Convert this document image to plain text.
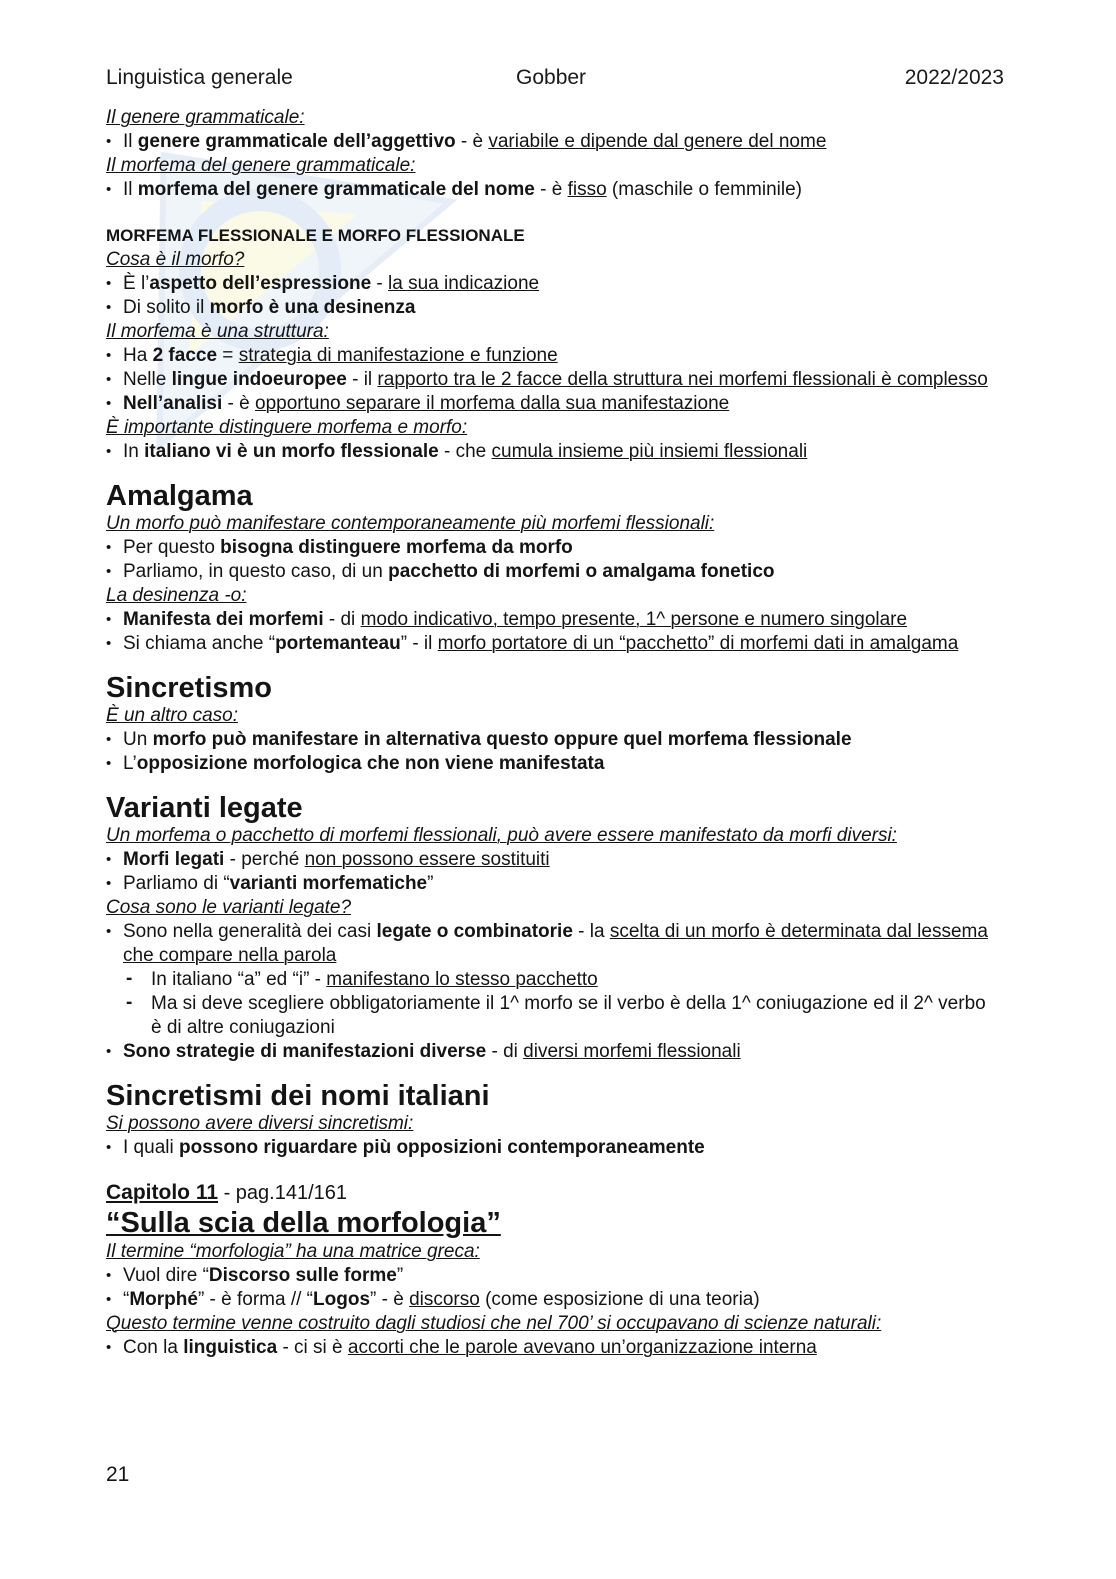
Linguistica generale	Gobber	2022/2023
Il genere grammaticale:
• Il genere grammaticale dell’aggettivo - è variabile e dipende dal genere del nome
Il morfema del genere grammaticale:
• Il morfema del genere grammaticale del nome - è fisso (maschile o femminile)
MORFEMA FLESSIONALE E MORFO FLESSIONALE
Cosa è il morfo?
• È l’aspetto dell’espressione - la sua indicazione
• Di solito il morfo è una desinenza
Il morfema è una struttura:
• Ha 2 facce = strategia di manifestazione e funzione
• Nelle lingue indoeuropee - il rapporto tra le 2 facce della struttura nei morfemi flessionali è complesso
• Nell’analisi - è opportuno separare il morfema dalla sua manifestazione
È importante distinguere morfema e morfo:
• In italiano vi è un morfo flessionale - che cumula insieme più insiemi flessionali
Amalgama
Un morfo può manifestare contemporaneamente più morfemi flessionali:
• Per questo bisogna distinguere morfema da morfo
• Parliamo, in questo caso, di un pacchetto di morfemi o amalgama fonetico
La desinenza -o:
• Manifesta dei morfemi - di modo indicativo, tempo presente, 1^ persone e numero singolare
• Si chiama anche “portemanteau” - il morfo portatore di un “pacchetto” di morfemi dati in amalgama
Sincretismo
È un altro caso:
• Un morfo può manifestare in alternativa questo oppure quel morfema flessionale
• L’opposizione morfologica che non viene manifestata
Varianti legate
Un morfema o pacchetto di morfemi flessionali, può avere essere manifestato da morfi diversi:
• Morfi legati - perché non possono essere sostituiti
• Parliamo di “varianti morfematiche”
Cosa sono le varianti legate?
• Sono nella generalità dei casi legate o combinatorie - la scelta di un morfo è determinata dal lessema che compare nella parola
- In italiano “a” ed “i” - manifestano lo stesso pacchetto
- Ma si deve scegliere obbligatoriamente il 1^ morfo se il verbo è della 1^ coniugazione ed il 2^ verbo è di altre coniugazioni
• Sono strategie di manifestazioni diverse - di diversi morfemi flessionali
Sincretismi dei nomi italiani
Si possono avere diversi sincretismi:
• I quali possono riguardare più opposizioni contemporaneamente
Capitolo 11 - pag.141/161
“Sulla scia della morfologia”
Il termine “morfologia” ha una matrice greca:
• Vuol dire “Discorso sulle forme”
• “Morphé” - è forma // “Logos” - è discorso (come esposizione di una teoria)
Questo termine venne costruito dagli studiosi che nel 700’ si occupavano di scienze naturali:
• Con la linguistica - ci si è accorti che le parole avevano un’organizzazione interna
21
